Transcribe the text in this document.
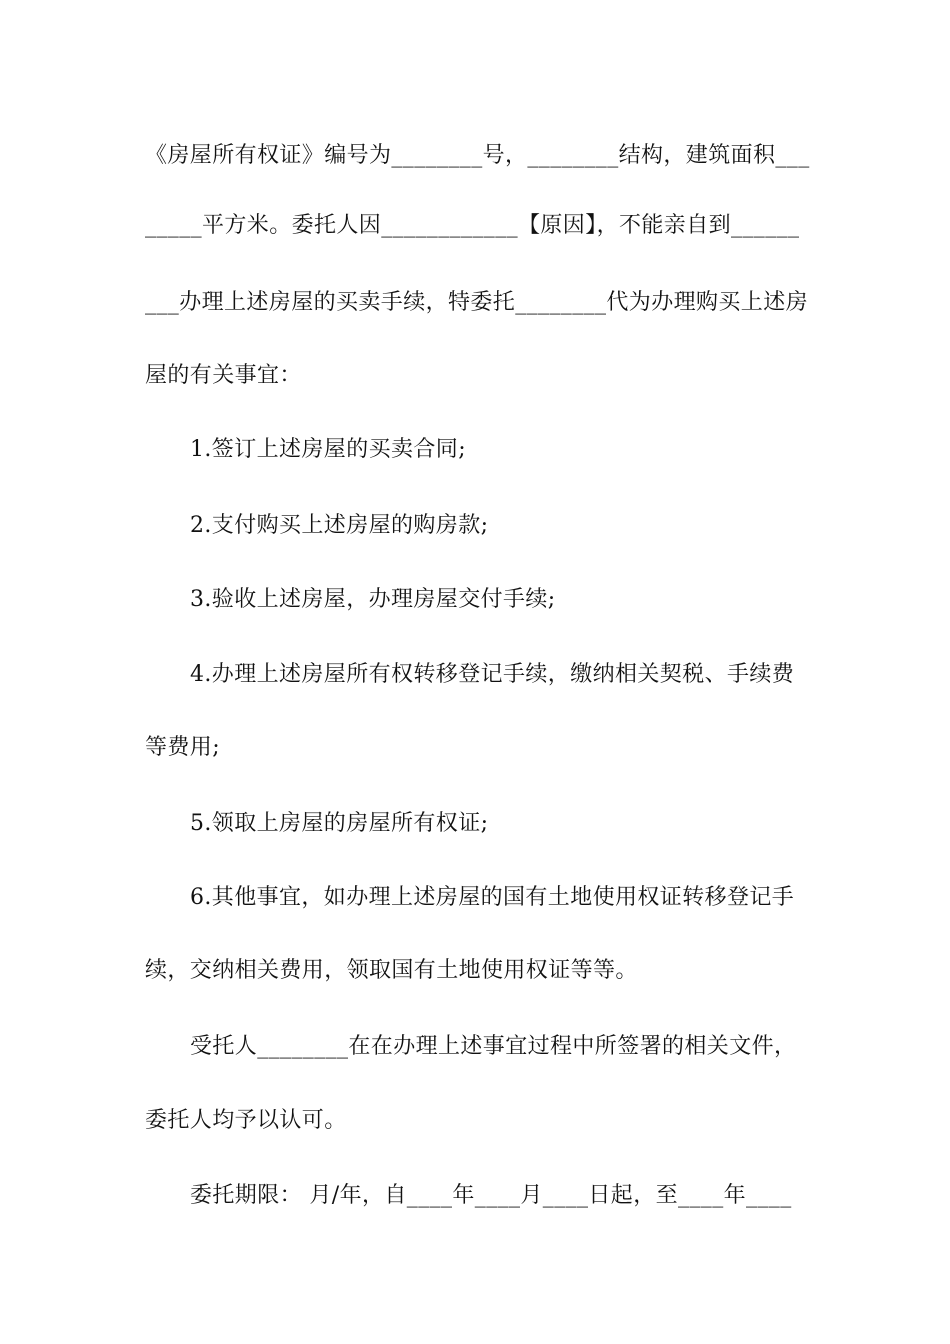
《房屋所有权证》编号为________号，________结构，建筑面积___
_____平方米。委托人因____________【原因】，不能亲自到______
___办理上述房屋的买卖手续，特委托________代为办理购买上述房
屋的有关事宜：
1.签订上述房屋的买卖合同;
2.支付购买上述房屋的购房款;
3.验收上述房屋，办理房屋交付手续;
4.办理上述房屋所有权转移登记手续，缴纳相关契税、手续费
等费用;
5.领取上房屋的房屋所有权证;
6.其他事宜，如办理上述房屋的国有土地使用权证转移登记手
续，交纳相关费用，领取国有土地使用权证等等。
受托人________在在办理上述事宜过程中所签署的相关文件，
委托人均予以认可。
委托期限： 月/年，自____年____月____日起，至____年____
